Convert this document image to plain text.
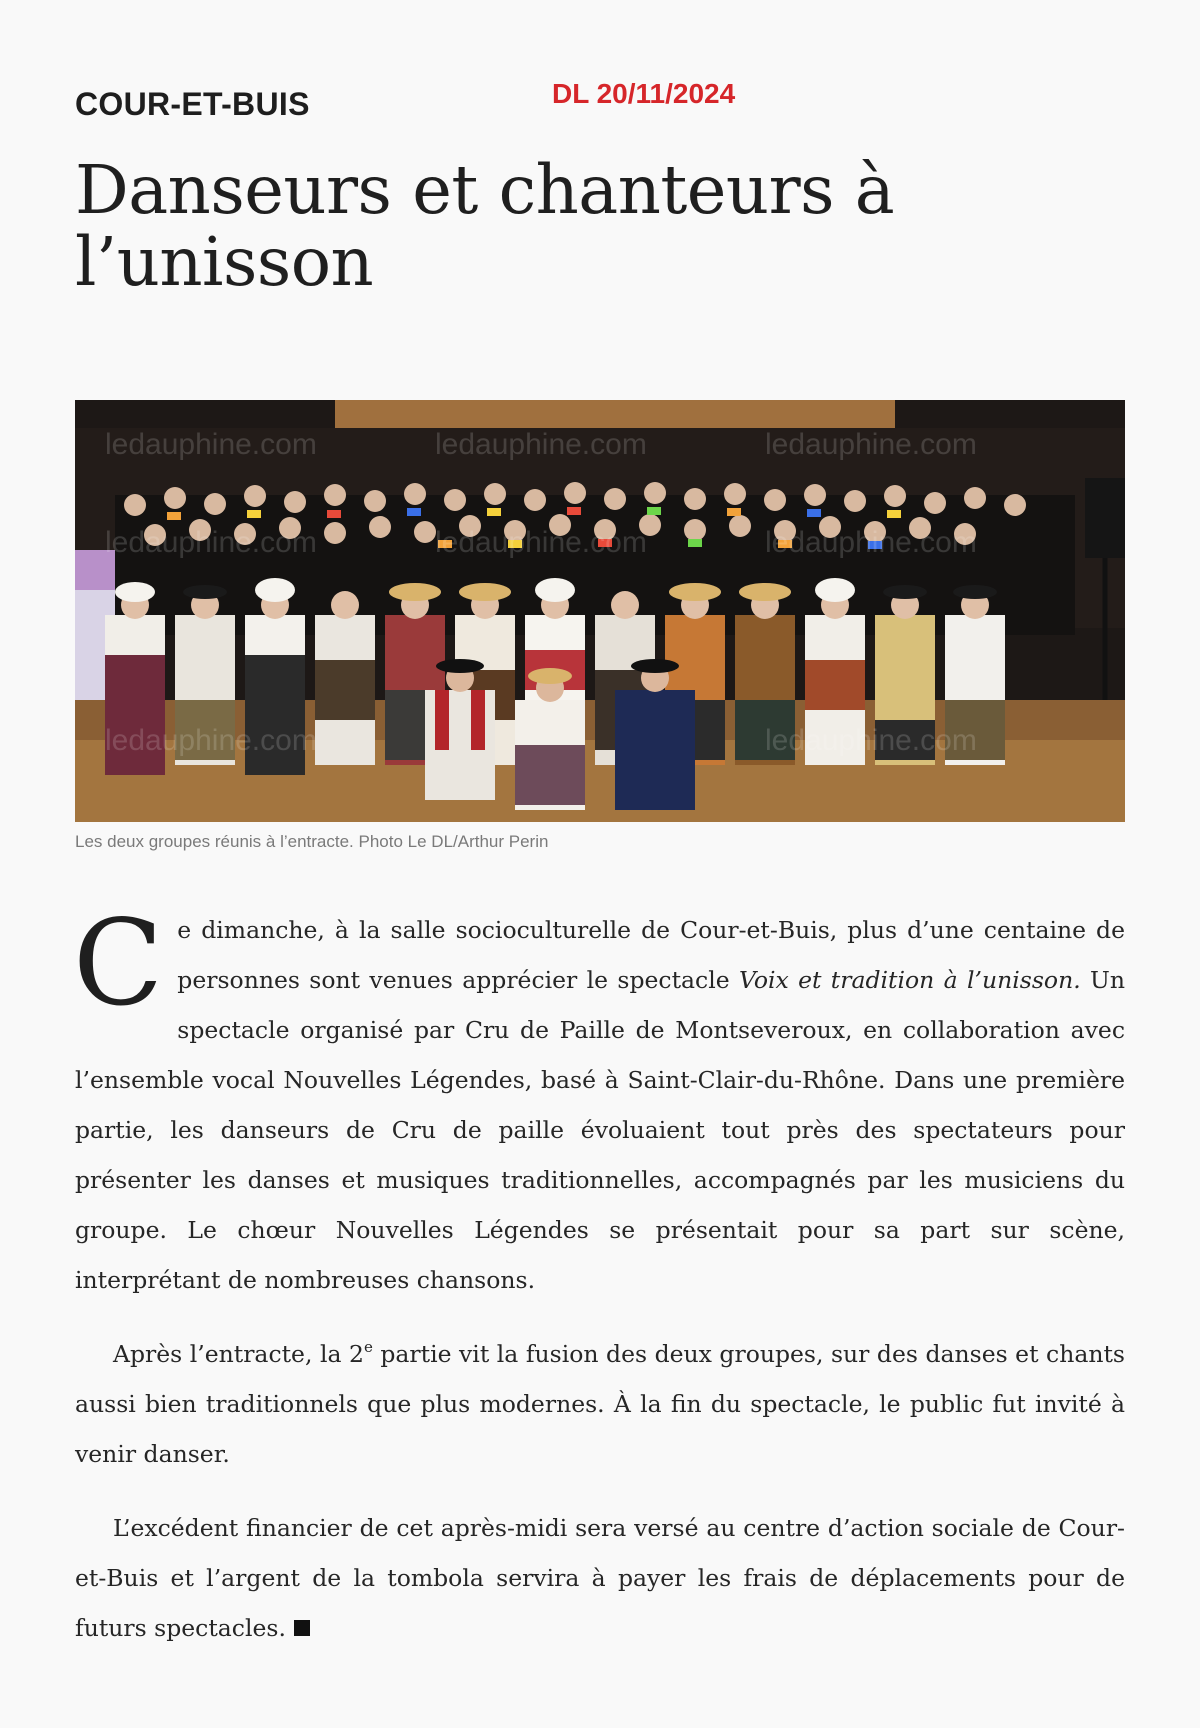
COUR-ET-BUIS	DL 20/11/2024
Danseurs et chanteurs à l’unisson
ledauphine.com	ledauphine.com	ledauphine.com
ledauphine.com	ledauphine.com	ledauphine.com
ledauphine.com	ledauphine.com
Les deux groupes réunis à l’entracte. Photo Le DL/Arthur Perin

Ce dimanche, à la salle socioculturelle de Cour-et-Buis, plus d’une centaine de personnes sont venues apprécier le spectacle Voix et tradition à l’unisson. Un spectacle organisé par Cru de Paille de Montseveroux, en collaboration avec l’ensemble vocal Nouvelles Légendes, basé à Saint-Clair-du-Rhône. Dans une première partie, les danseurs de Cru de paille évoluaient tout près des spectateurs pour présenter les danses et musiques traditionnelles, accompagnés par les musiciens du groupe. Le chœur Nouvelles Légendes se présentait pour sa part sur scène, interprétant de nombreuses chansons.

Après l’entracte, la 2e partie vit la fusion des deux groupes, sur des danses et chants aussi bien traditionnels que plus modernes. À la fin du spectacle, le public fut invité à venir danser.

L’excédent financier de cet après-midi sera versé au centre d’action sociale de Cour-et-Buis et l’argent de la tombola servira à payer les frais de déplacements pour de futurs spectacles.
